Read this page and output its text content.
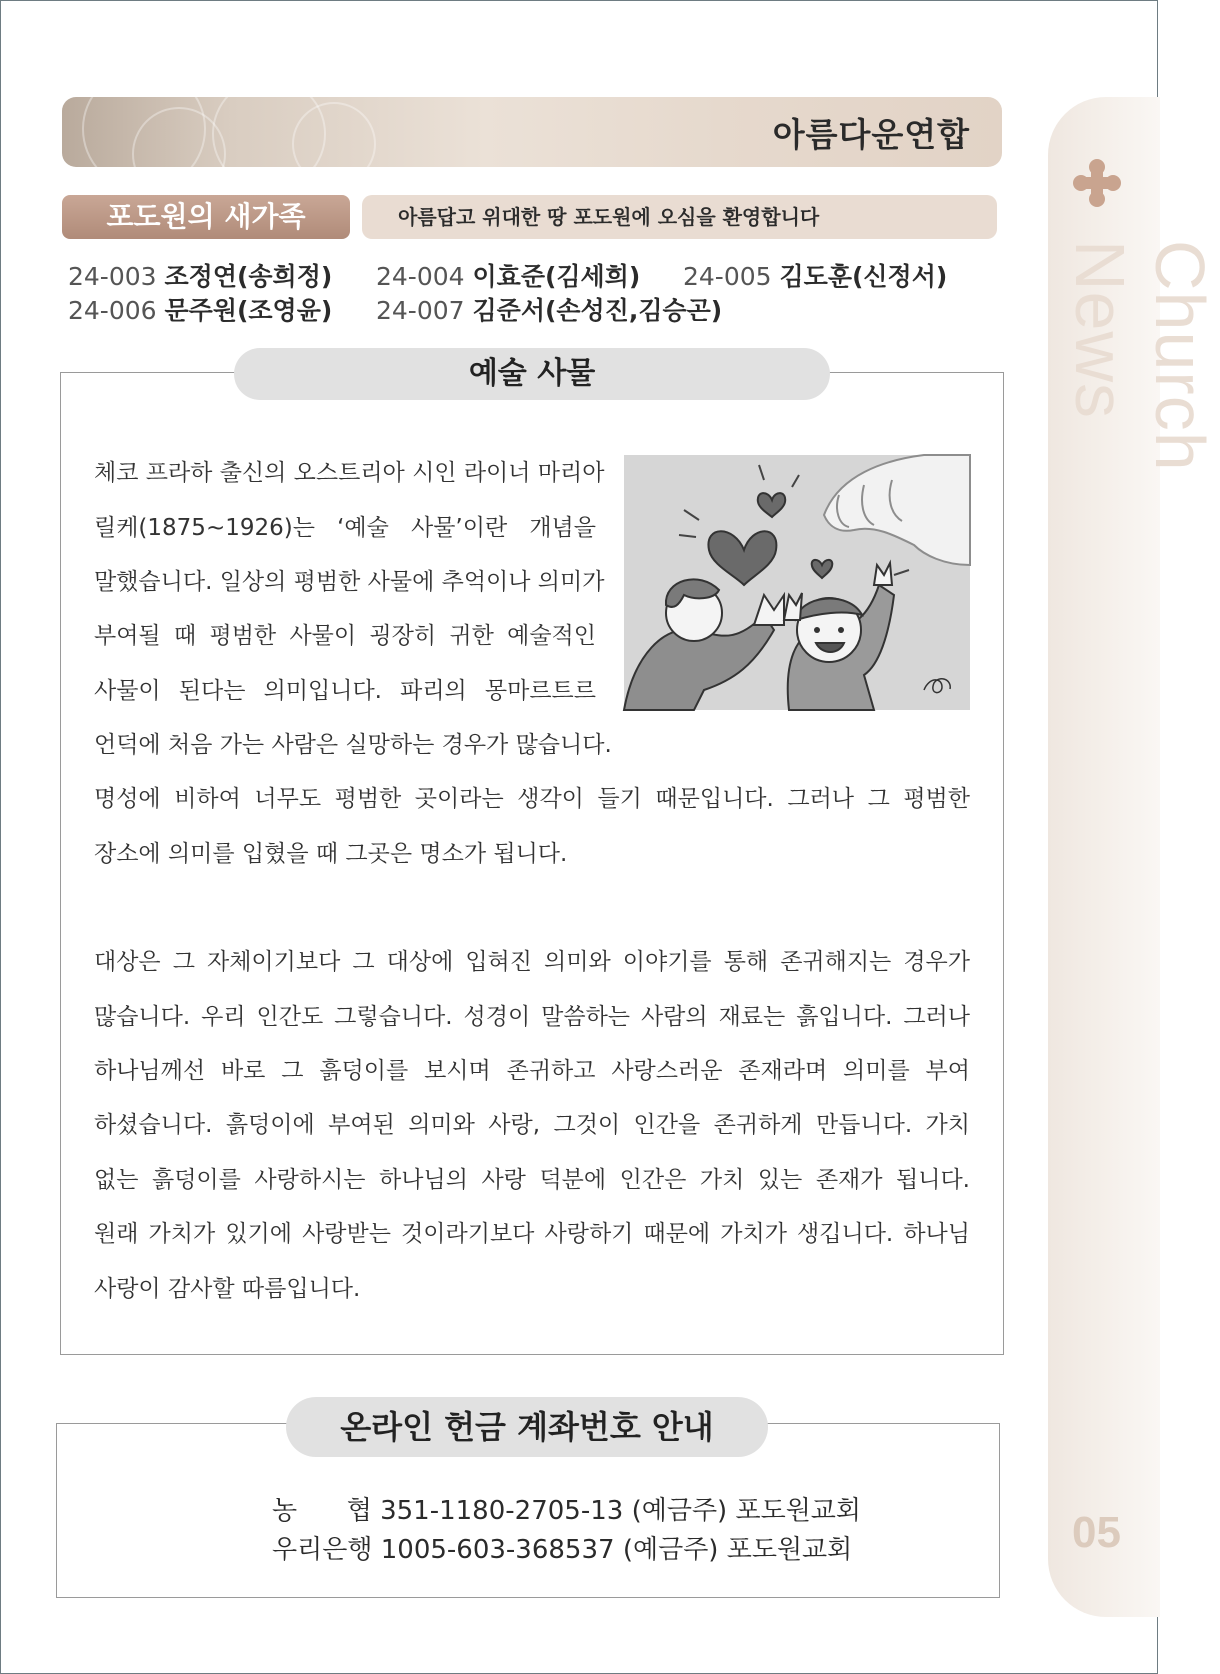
아름다운연합
Church News
05
포도원의 새가족	아름답고 위대한 땅 포도원에 오심을 환영합니다
24-003 조정연(송희정) 24-004 이효준(김세희) 24-005 김도훈(신정서)
24-006 문주원(조영윤) 24-007 김준서(손성진,김승곤)
예술 사물
체코 프라하 출신의 오스트리아 시인 라이너 마리아
릴케(1875~1926)는 ‘예술 사물’이란 개념을
말했습니다. 일상의 평범한 사물에 추억이나 의미가
부여될 때 평범한 사물이 굉장히 귀한 예술적인
사물이 된다는 의미입니다. 파리의 몽마르트르
언덕에 처음 가는 사람은 실망하는 경우가 많습니다.
명성에 비하여 너무도 평범한 곳이라는 생각이 들기 때문입니다. 그러나 그 평범한
장소에 의미를 입혔을 때 그곳은 명소가 됩니다.
대상은 그 자체이기보다 그 대상에 입혀진 의미와 이야기를 통해 존귀해지는 경우가
많습니다. 우리 인간도 그렇습니다. 성경이 말씀하는 사람의 재료는 흙입니다. 그러나
하나님께선 바로 그 흙덩이를 보시며 존귀하고 사랑스러운 존재라며 의미를 부여
하셨습니다. 흙덩이에 부여된 의미와 사랑, 그것이 인간을 존귀하게 만듭니다. 가치
없는 흙덩이를 사랑하시는 하나님의 사랑 덕분에 인간은 가치 있는 존재가 됩니다.
원래 가치가 있기에 사랑받는 것이라기보다 사랑하기 때문에 가치가 생깁니다. 하나님
사랑이 감사할 따름입니다.
온라인 헌금 계좌번호 안내
농      협 351-1180-2705-13 (예금주) 포도원교회
우리은행 1005-603-368537 (예금주) 포도원교회
